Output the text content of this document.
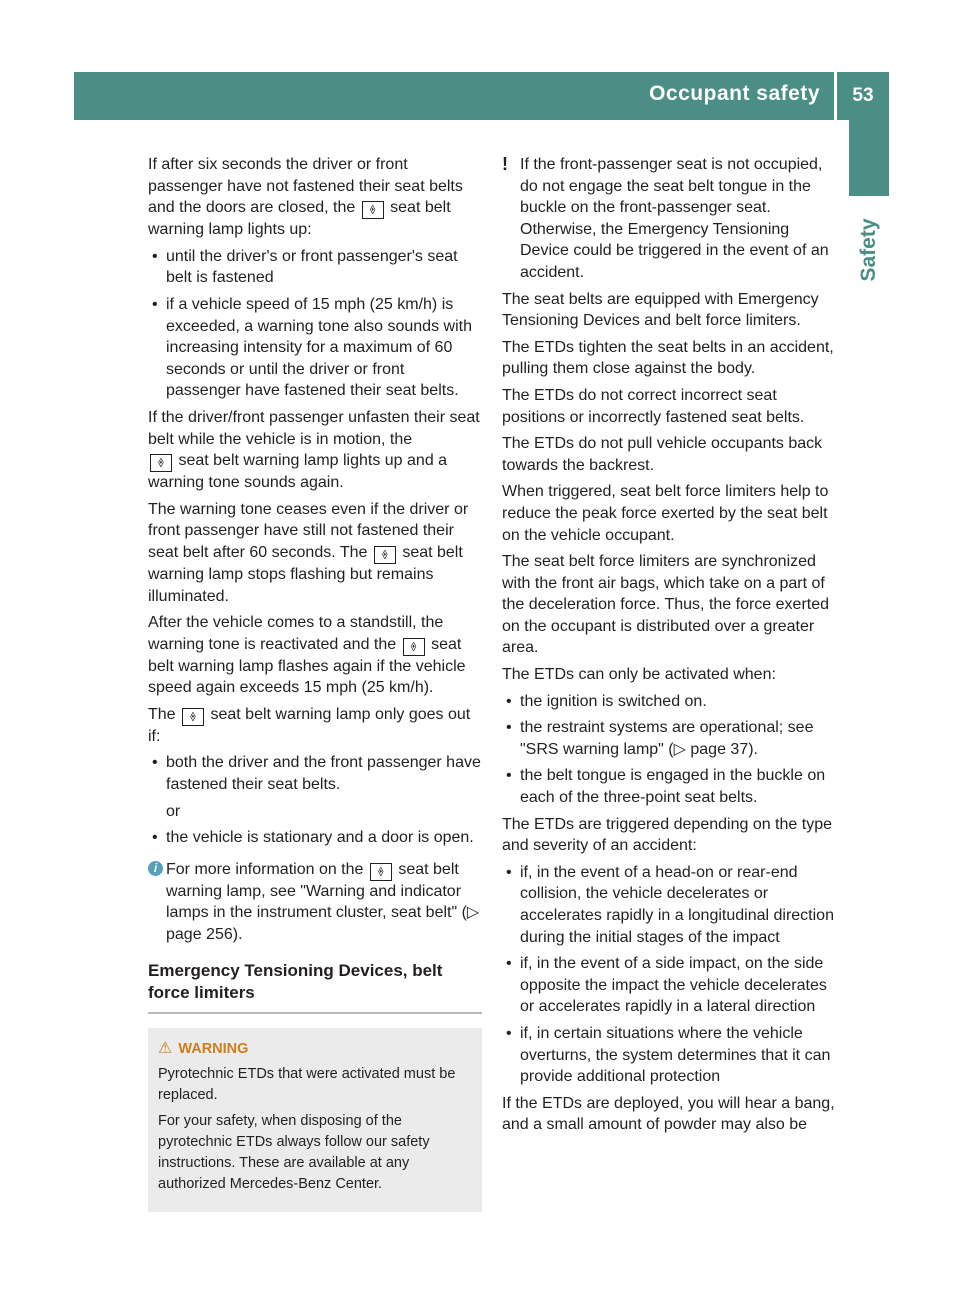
Occupant safety	53
Safety

If after six seconds the driver or front passenger have not fastened their seat belts and the doors are closed, the 🞠 seat belt warning lamp lights up:

• until the driver's or front passenger's seat belt is fastened
• if a vehicle speed of 15 mph (25 km/h) is exceeded, a warning tone also sounds with increasing intensity for a maximum of 60 seconds or until the driver or front passenger have fastened their seat belts.

If the driver/front passenger unfasten their seat belt while the vehicle is in motion, the
🞠 seat belt warning lamp lights up and a warning tone sounds again.

The warning tone ceases even if the driver or front passenger have still not fastened their seat belt after 60 seconds. The 🞠 seat belt warning lamp stops flashing but remains illuminated.

After the vehicle comes to a standstill, the warning tone is reactivated and the 🞠 seat belt warning lamp flashes again if the vehicle speed again exceeds 15 mph (25 km/h).

The 🞠 seat belt warning lamp only goes out if:

• both the driver and the front passenger have fastened their seat belts.
or
• the vehicle is stationary and a door is open.
i For more information on the 🞠 seat belt warning lamp, see "Warning and indicator lamps in the instrument cluster, seat belt" (▷ page 256).
Emergency Tensioning Devices, belt force limiters
⚠ WARNING

Pyrotechnic ETDs that were activated must be replaced.

For your safety, when disposing of the pyrotechnic ETDs always follow our safety instructions. These are available at any authorized Mercedes-Benz Center.

! If the front-passenger seat is not occupied, do not engage the seat belt tongue in the buckle on the front-passenger seat. Otherwise, the Emergency Tensioning Device could be triggered in the event of an accident.

The seat belts are equipped with Emergency Tensioning Devices and belt force limiters.

The ETDs tighten the seat belts in an accident, pulling them close against the body.

The ETDs do not correct incorrect seat positions or incorrectly fastened seat belts.

The ETDs do not pull vehicle occupants back towards the backrest.

When triggered, seat belt force limiters help to reduce the peak force exerted by the seat belt on the vehicle occupant.

The seat belt force limiters are synchronized with the front air bags, which take on a part of the deceleration force. Thus, the force exerted on the occupant is distributed over a greater area.

The ETDs can only be activated when:

• the ignition is switched on.
• the restraint systems are operational; see "SRS warning lamp" (▷ page 37).
• the belt tongue is engaged in the buckle on each of the three-point seat belts.

The ETDs are triggered depending on the type and severity of an accident:

• if, in the event of a head-on or rear-end collision, the vehicle decelerates or accelerates rapidly in a longitudinal direction during the initial stages of the impact
• if, in the event of a side impact, on the side opposite the impact the vehicle decelerates or accelerates rapidly in a lateral direction
• if, in certain situations where the vehicle overturns, the system determines that it can provide additional protection

If the ETDs are deployed, you will hear a bang, and a small amount of powder may also be
